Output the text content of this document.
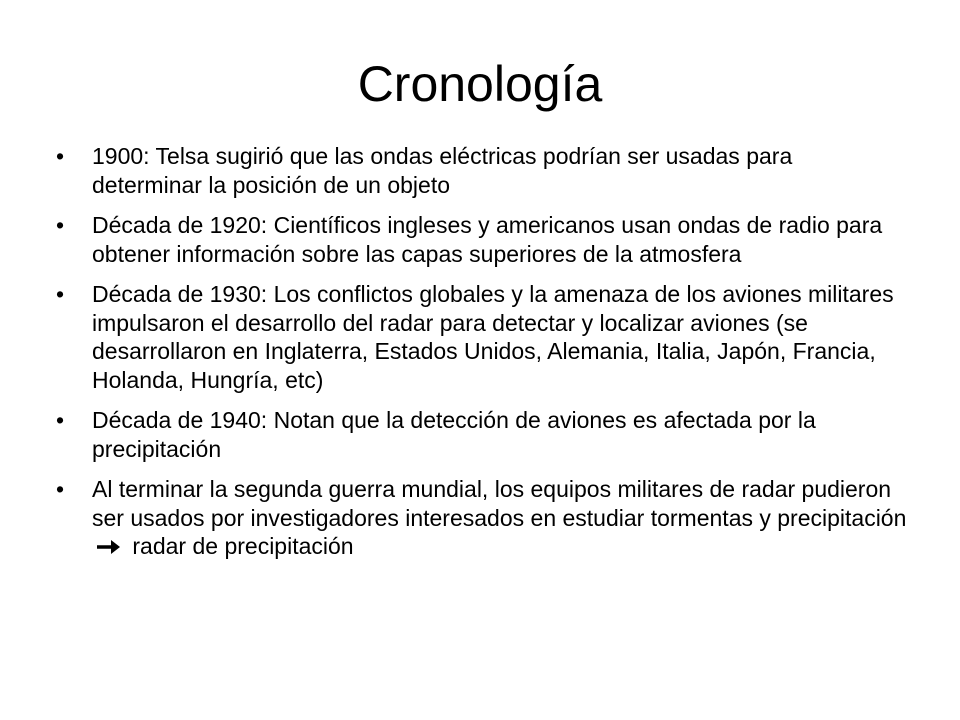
Cronología
•	1900: Telsa sugirió que las ondas eléctricas podrían ser usadas para determinar la posición de un objeto
•	Década de 1920: Científicos ingleses y americanos usan ondas de radio para obtener información sobre las capas superiores de la atmosfera
•	Década de 1930: Los conflictos globales y la amenaza de los aviones militares impulsaron el desarrollo del radar para detectar y localizar aviones (se desarrollaron en Inglaterra, Estados Unidos, Alemania, Italia, Japón, Francia, Holanda, Hungría, etc)
•	Década de 1940: Notan que la detección de aviones es afectada por la precipitación
•	Al terminar la segunda guerra mundial, los equipos militares de radar pudieron ser usados por investigadores interesados en estudiar tormentas y precipitación  radar de precipitación
